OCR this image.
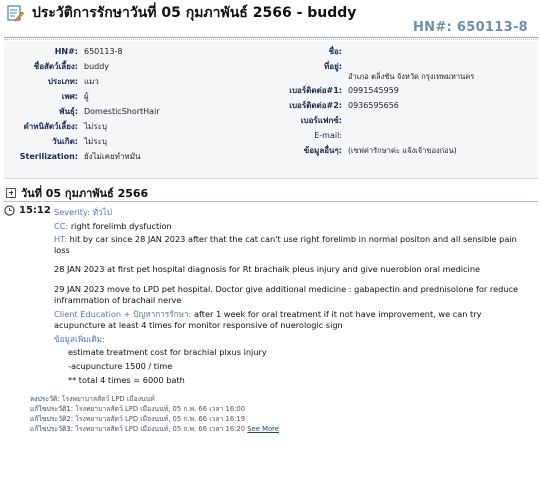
ประวัติการรักษาวันที่ 05 กุมภาพันธ์ 2566 - buddy
HN#: 650113-8
HN#: 650113-8
ชื่อสัตว์เลี้ยง: buddy
ประเภท: แมว
เพศ: ผู้
พันธุ์: DomesticShortHair
ตำหนิสัตว์เลี้ยง: ไม่ระบุ
วันเกิด: ไม่ระบุ
Sterilization: ยังไม่เคยทำหมัน
ชื่อ:
ที่อยู่:
อำเภอ ตลิ่งชัน จังหวัด กรุงเทพมหานคร
เบอร์ติดต่อ#1: 0991545959
เบอร์ติดต่อ#2: 0936595656
เบอร์แฟกซ์:
E-mail:
ข้อมูลอื่นๆ: (เซฟค่ารักษาค่ะ แจ้งเจ้าของก่อน)
วันที่ 05 กุมภาพันธ์ 2566
15:12 Severity: ทั่วไป
CC: right forelimb dysfuction
HT: hit by car since 28 JAN 2023 after that the cat can't use right forelimb in normal positon and all sensible pain loss
28 JAN 2023 at first pet hospital diagnosis for Rt brachaik pleus injury and give nuerobion oral medicine
29 JAN 2023 move to LPD pet hospital. Doctor give additional medicine : gabapectin and prednisolone for reduce inframmation of brachail nerve
Client Education + ปัญหาการรักษา: after 1 week for oral treatment if it not have improvement, we can try acupuncture at least 4 times for monitor responsive of nuerologic sign
ข้อมูลเพิ่มเติม:
estimate treatment cost for brachial plxus injury
-acupuncture 1500 / time
** total 4 times = 6000 bath
ลงประวัติ: โรงพยาบาลสัตว์ LPD เมืองนนท์
แก้ไขประวัติ1: โรงพยาบาลสัตว์ LPD เมืองนนท์, 05 ก.พ. 66 เวลา 16:00
แก้ไขประวัติ2: โรงพยาบาลสัตว์ LPD เมืองนนท์, 05 ก.พ. 66 เวลา 16:19
แก้ไขประวัติ3: โรงพยาบาลสัตว์ LPD เมืองนนท์, 05 ก.พ. 66 เวลา 16:20 See More
